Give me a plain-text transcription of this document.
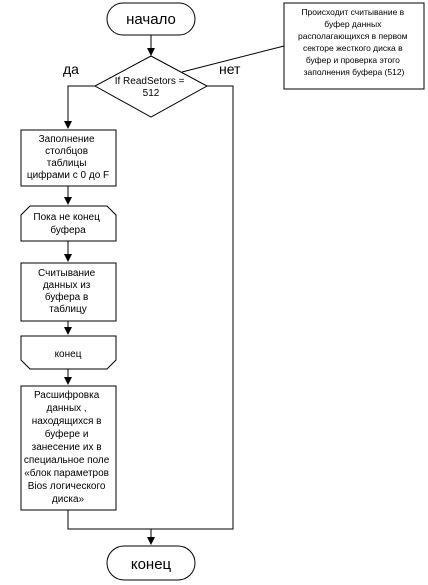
начало
If ReadSetors = 512
да	нет
Происходит считывание в буфер данных располагающихся в первом секторе жесткого диска в буфер и проверка этого заполнения буфера (512)
Заполнение столбцов таблицы цифрами с 0 до F
Пока не конец буфера
Считывание данных из буфера в таблицу
конец
Расшифровка данных , находящихся в буфере и занесение их в специальное поле «блок параметров Bios логического диска»
конец
